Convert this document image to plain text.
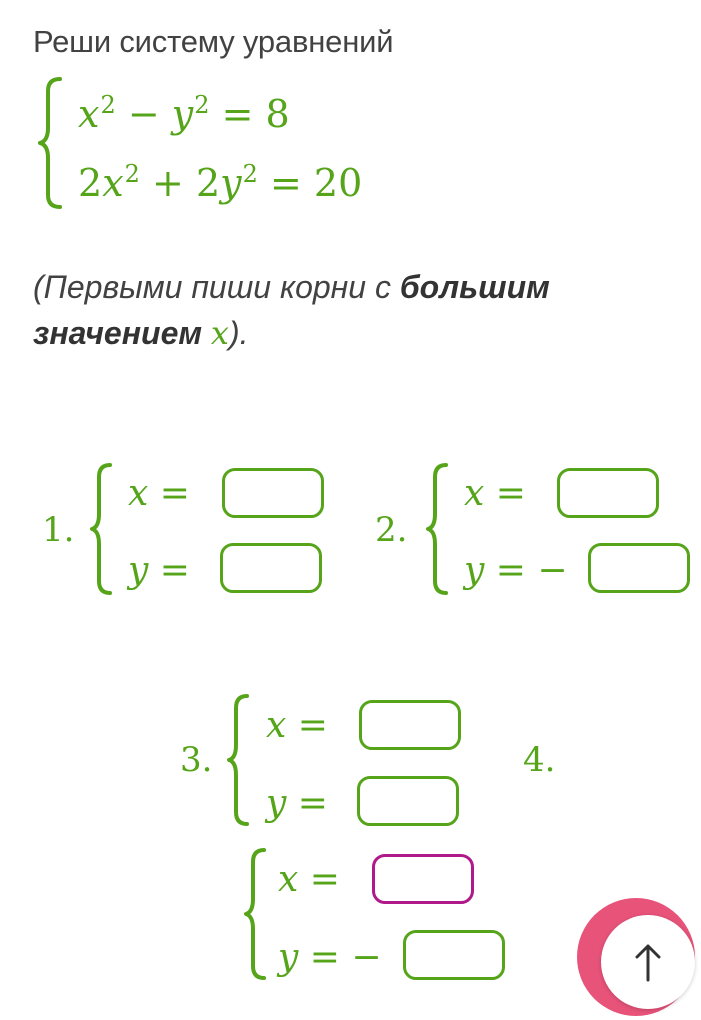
Реши систему уравнений
$x^2 - y^2 = 8$
$2x^2 + 2y^2 = 20$
(Первыми пиши корни с большим значением x).
1.
x =
y =
2.
x =
y = −
3.
x =
y =
4.
x =
y = −
